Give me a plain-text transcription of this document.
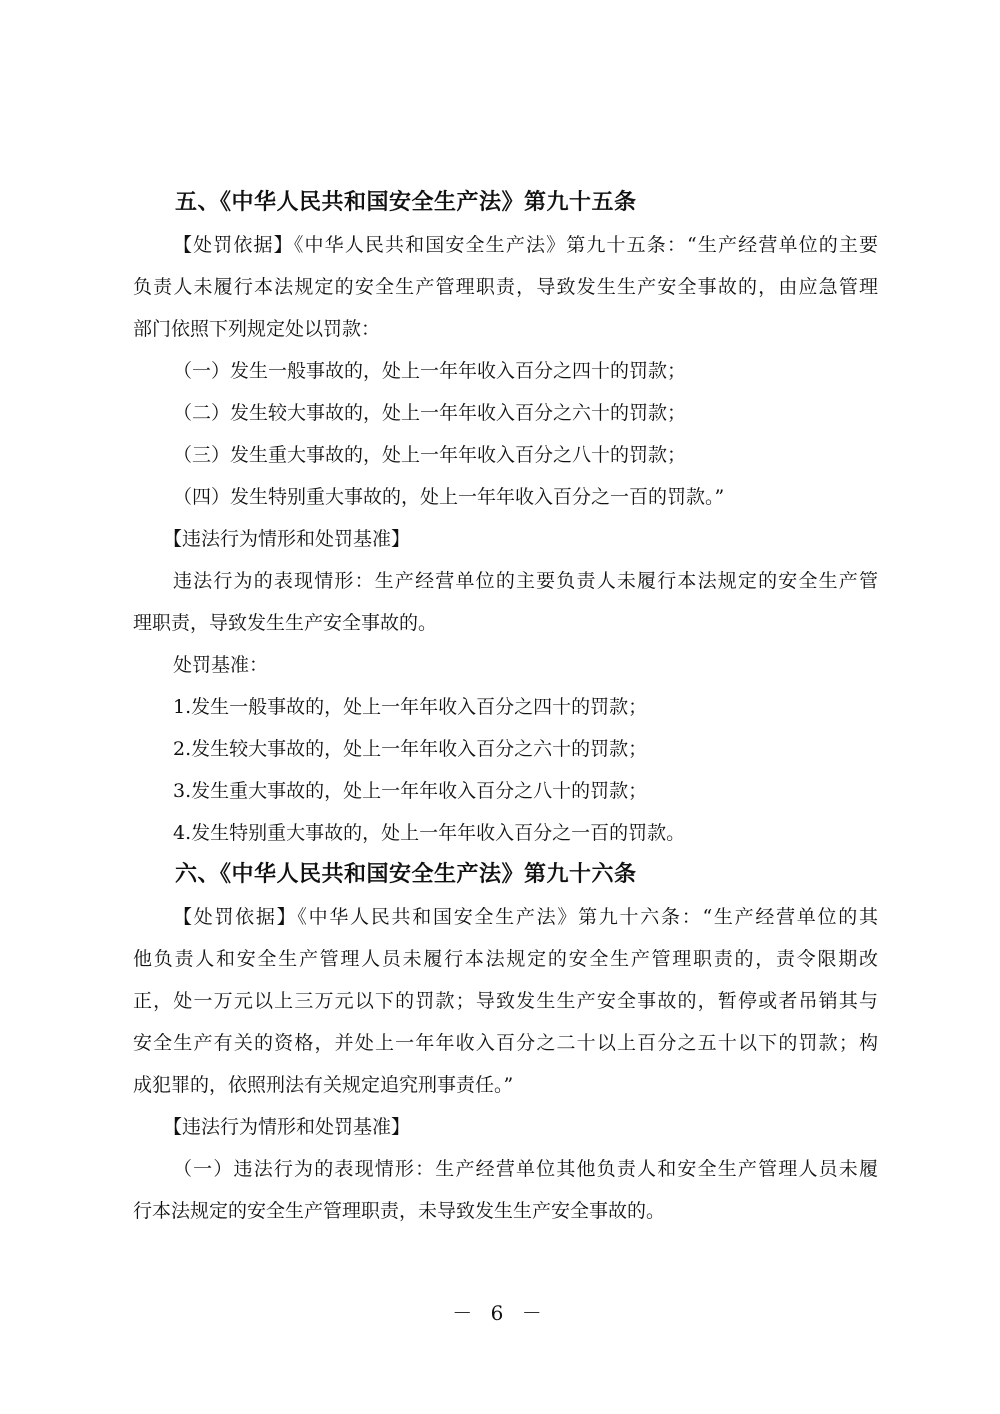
五、《中华人民共和国安全生产法》第九十五条
【处罚依据】《中华人民共和国安全生产法》第九十五条：“生产经营单位的主要
负责人未履行本法规定的安全生产管理职责，导致发生生产安全事故的，由应急管理
部门依照下列规定处以罚款：
（一）发生一般事故的，处上一年年收入百分之四十的罚款；
（二）发生较大事故的，处上一年年收入百分之六十的罚款；
（三）发生重大事故的，处上一年年收入百分之八十的罚款；
（四）发生特别重大事故的，处上一年年收入百分之一百的罚款。”
【违法行为情形和处罚基准】
违法行为的表现情形：生产经营单位的主要负责人未履行本法规定的安全生产管
理职责，导致发生生产安全事故的。
处罚基准：
1.发生一般事故的，处上一年年收入百分之四十的罚款；
2.发生较大事故的，处上一年年收入百分之六十的罚款；
3.发生重大事故的，处上一年年收入百分之八十的罚款；
4.发生特别重大事故的，处上一年年收入百分之一百的罚款。
六、《中华人民共和国安全生产法》第九十六条
【处罚依据】《中华人民共和国安全生产法》第九十六条：“生产经营单位的其
他负责人和安全生产管理人员未履行本法规定的安全生产管理职责的，责令限期改
正，处一万元以上三万元以下的罚款；导致发生生产安全事故的，暂停或者吊销其与
安全生产有关的资格，并处上一年年收入百分之二十以上百分之五十以下的罚款；构
成犯罪的，依照刑法有关规定追究刑事责任。”
【违法行为情形和处罚基准】
（一）违法行为的表现情形：生产经营单位其他负责人和安全生产管理人员未履
行本法规定的安全生产管理职责，未导致发生生产安全事故的。
－ 6 －
